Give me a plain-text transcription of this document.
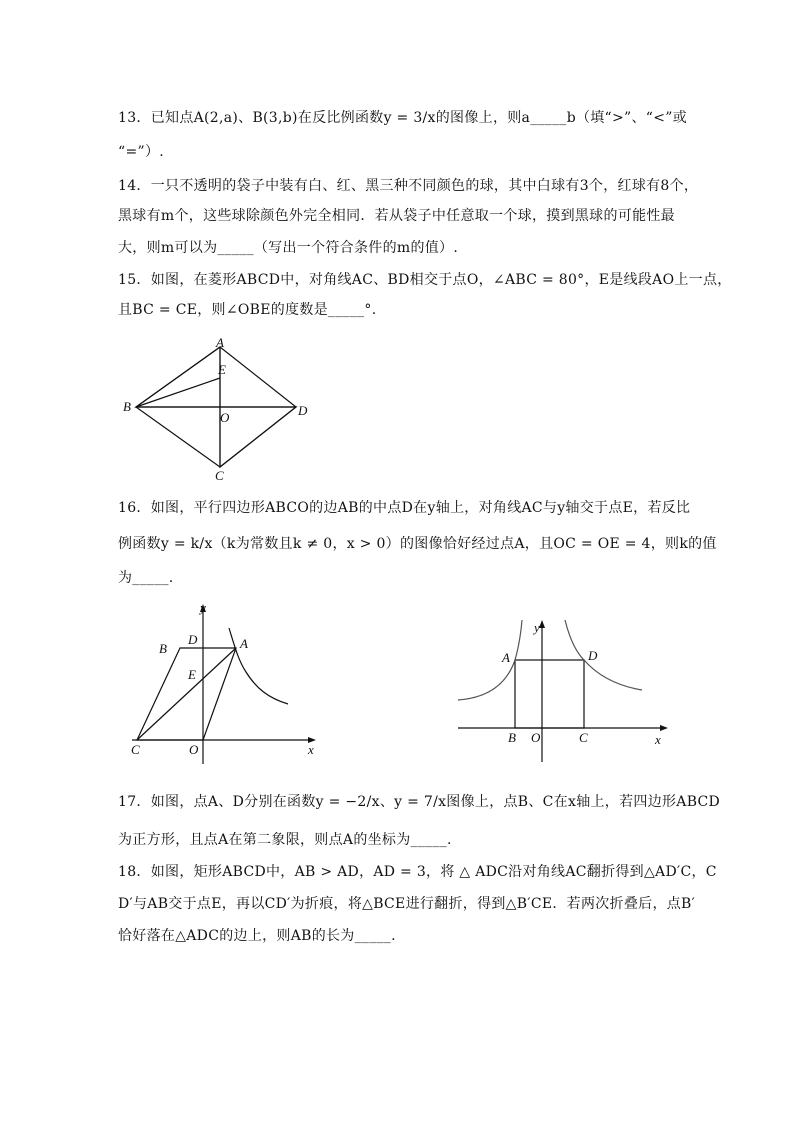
13．已知点A(2,a)、B(3,b)在反比例函数y = 3/x的图像上，则a_____b（填“>”、“<”或
“=”）.
14．一只不透明的袋子中装有白、红、黑三种不同颜色的球，其中白球有3个，红球有8个，
黑球有m个，这些球除颜色外完全相同．若从袋子中任意取一个球，摸到黑球的可能性最
大，则m可以为_____（写出一个符合条件的m的值）.
15．如图，在菱形ABCD中，对角线AC、BD相交于点O，∠ABC = 80°，E是线段AO上一点，
且BC = CE，则∠OBE的度数是_____°.
A
B
C
D
E
O
16．如图，平行四边形ABCO的边AB的中点D在y轴上，对角线AC与y轴交于点E，若反比
例函数y = k/x（k为常数且k ≠ 0，x > 0）的图像恰好经过点A，且OC = OE = 4，则k的值
为_____.
y
x
A
B
C
D
E
O
y
x
A
B	C
D
O
17．如图，点A、D分别在函数y = −2/x、y = 7/x图像上，点B、C在x轴上，若四边形ABCD
为正方形，且点A在第二象限，则点A的坐标为_____.
18．如图，矩形ABCD中，AB > AD，AD = 3，将 △ ADC沿对角线AC翻折得到△AD′C，C
D′与AB交于点E，再以CD′为折痕，将△BCE进行翻折，得到△B′CE．若两次折叠后，点B′
恰好落在△ADC的边上，则AB的长为_____.
